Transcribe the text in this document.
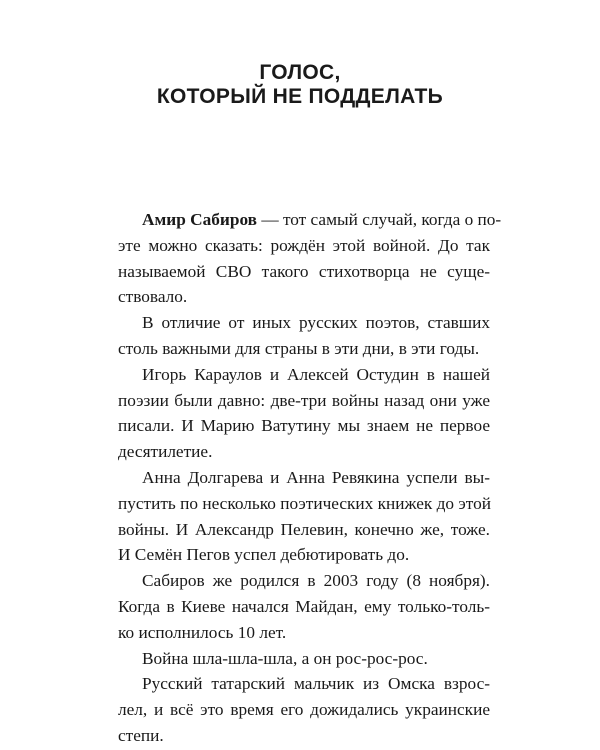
ГОЛОС,
КОТОРЫЙ НЕ ПОДДЕЛАТЬ
Амир Сабиров — тот самый случай, когда о по-
эте можно сказать: рождён этой войной. До так
называемой СВО такого стихотворца не суще-
ствовало.
В отличие от иных русских поэтов, ставших
столь важными для страны в эти дни, в эти годы.
Игорь Караулов и Алексей Остудин в нашей
поэзии были давно: две-три войны назад они уже
писали. И Марию Ватутину мы знаем не первое
десятилетие.
Анна Долгарева и Анна Ревякина успели вы-
пустить по несколько поэтических книжек до этой
войны. И Александр Пелевин, конечно же, тоже.
И Семён Пегов успел дебютировать до.
Сабиров же родился в 2003 году (8 ноября).
Когда в Киеве начался Майдан, ему только-толь-
ко исполнилось 10 лет.
Война шла-шла-шла, а он рос-рос-рос.
Русский татарский мальчик из Омска взрос-
лел, и всё это время его дожидались украинские
степи.
